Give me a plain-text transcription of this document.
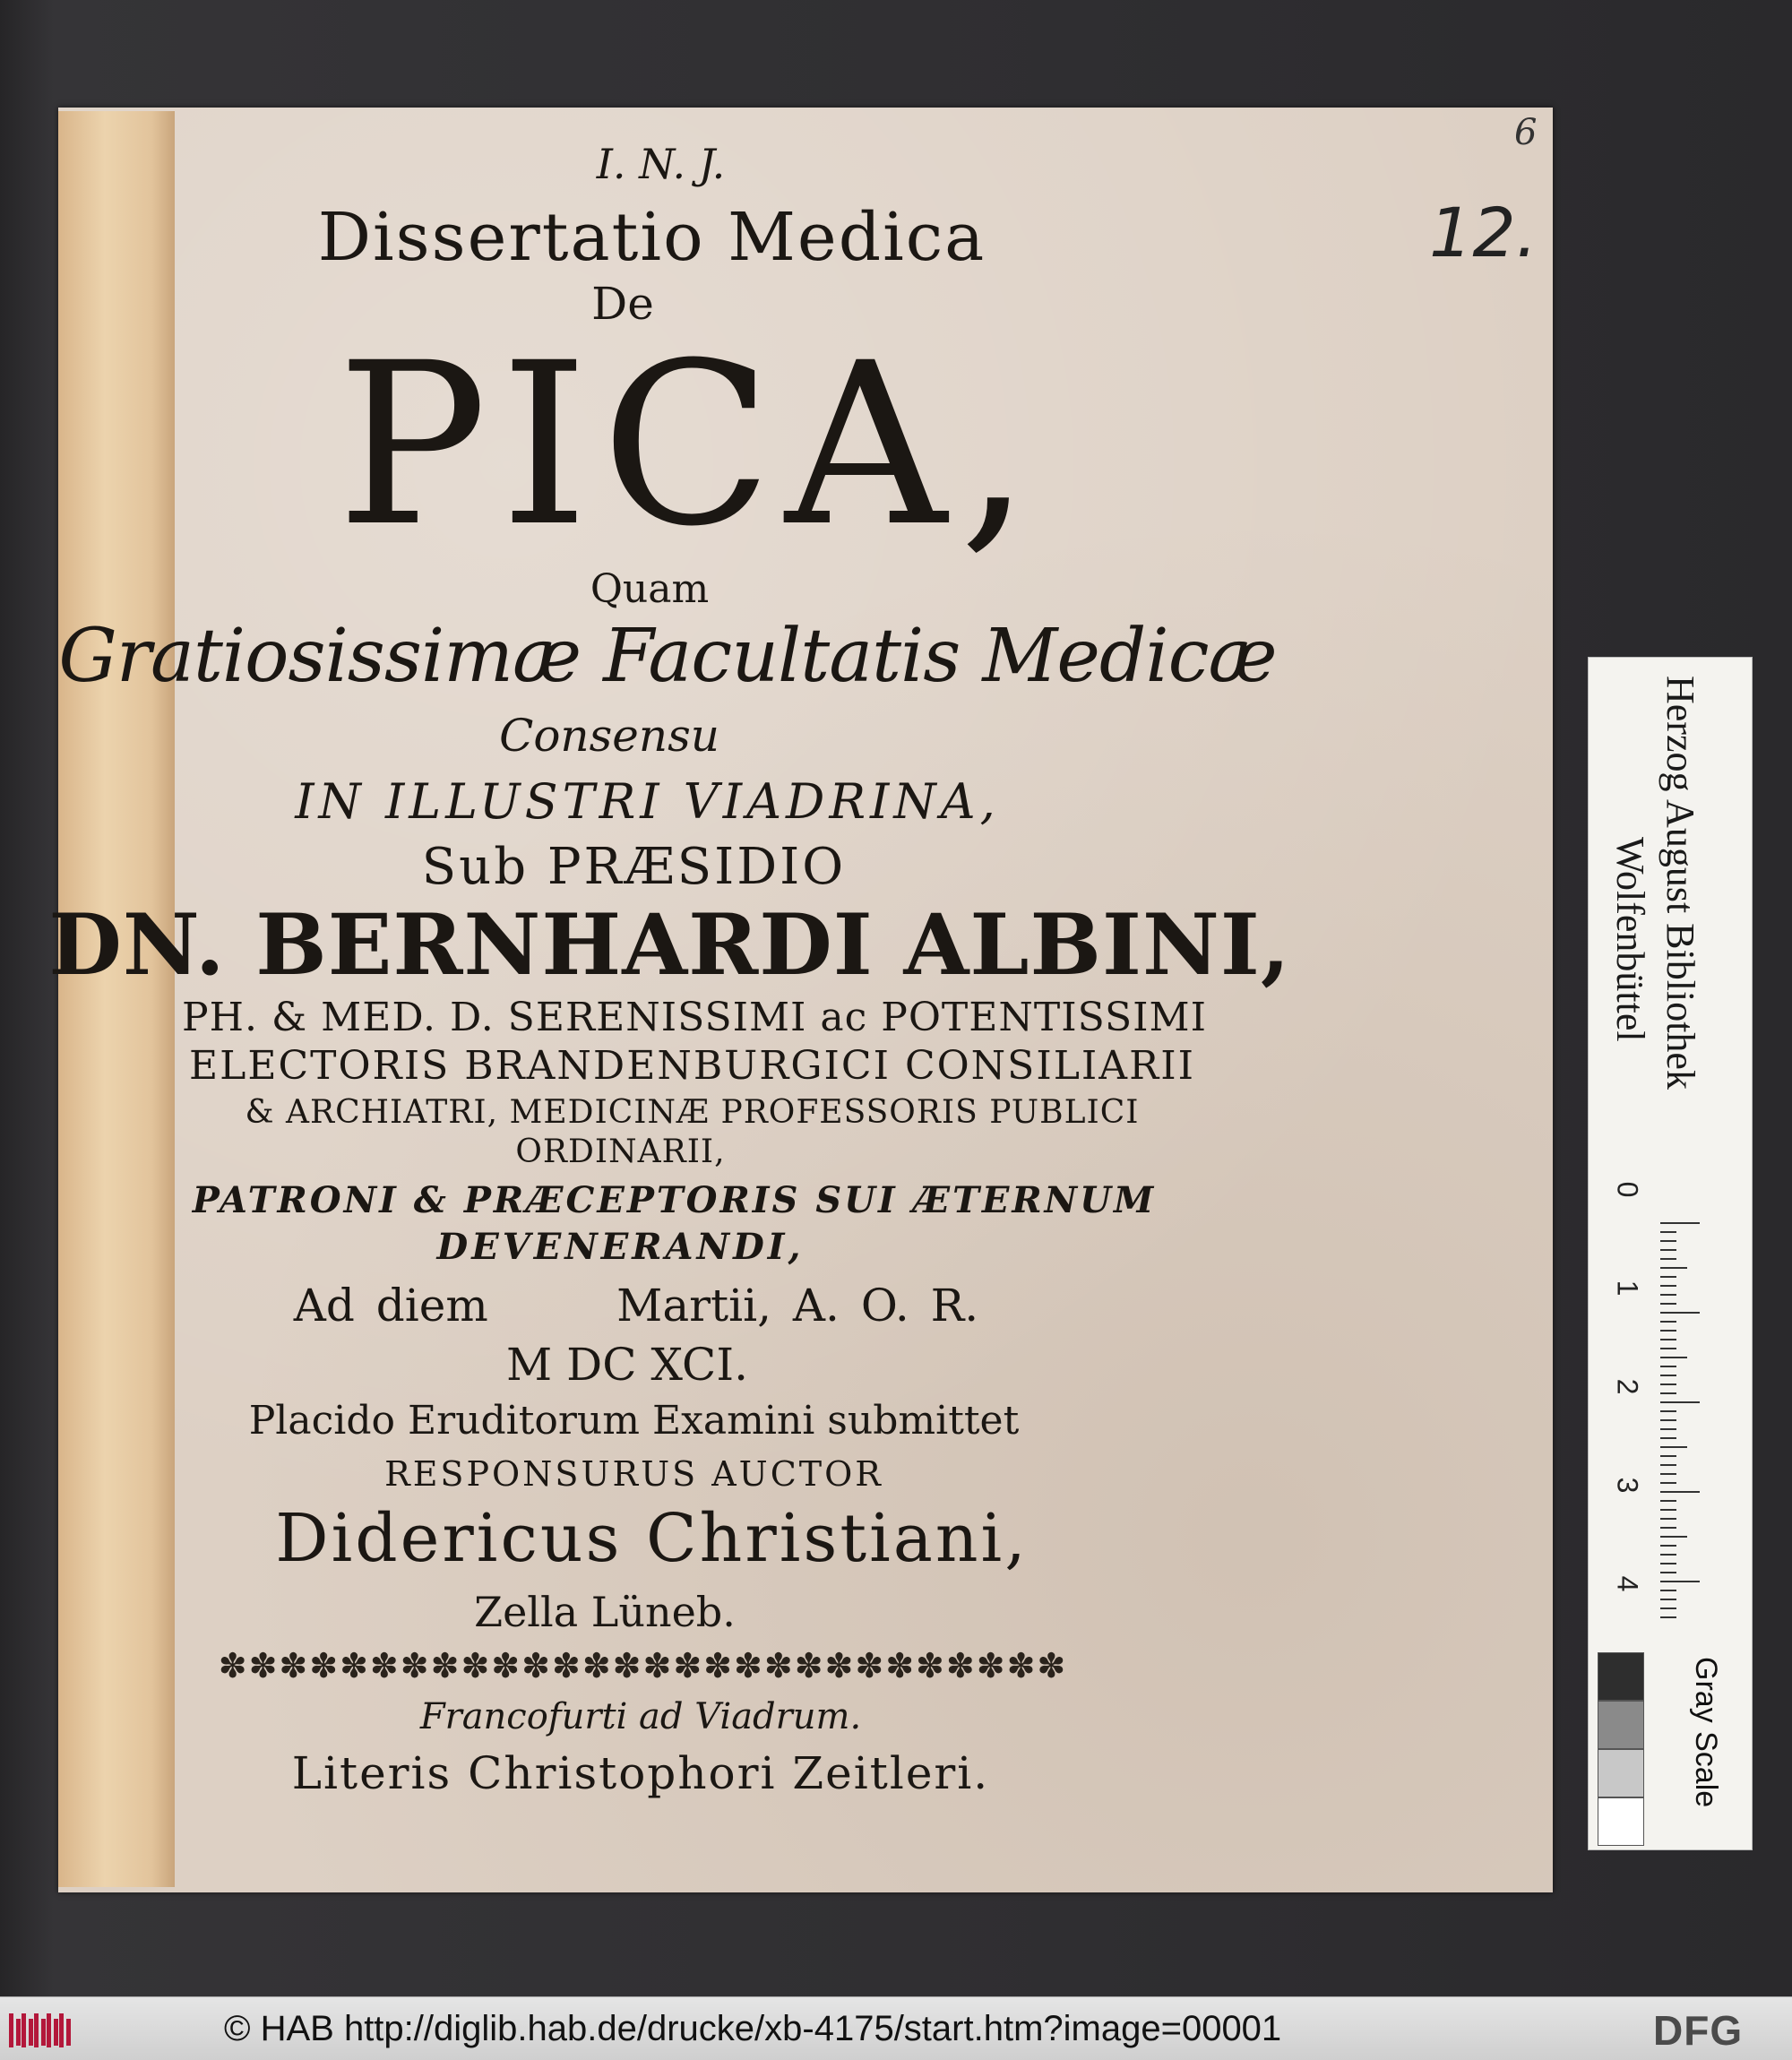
6
12.
I. N. J.
Dissertatio Medica
De
PICA,
Quam
Gratiosissimæ Facultatis Medicæ
Consensu
IN ILLUSTRI VIADRINA,
Sub PRÆSIDIO
DN. BERNHARDI ALBINI,
PH. & MED. D. SERENISSIMI ac POTENTISSIMI
ELECTORIS BRANDENBURGICI CONSILIARII
& ARCHIATRI, MEDICINÆ PROFESSORIS PUBLICI
ORDINARII,
PATRONI & PRÆCEPTORIS SUI ÆTERNUM
DEVENERANDI,
Ad diem      Martii, A. O. R.
M DC XCI.
Placido Eruditorum Examini submittet
RESPONSURUS AUCTOR
Didericus Christiani,
Zella Lüneb.
✽✽✽✽✽✽✽✽✽✽✽✽✽✽✽✽✽✽✽✽✽✽✽✽✽✽✽✽
Francofurti ad Viadrum.
Literis Christophori Zeitleri.
Herzog August Bibliothek
Wolfenbüttel
0
1
2
3
4
Gray Scale
© HAB http://diglib.hab.de/drucke/xb-4175/start.htm?image=00001	DFG
